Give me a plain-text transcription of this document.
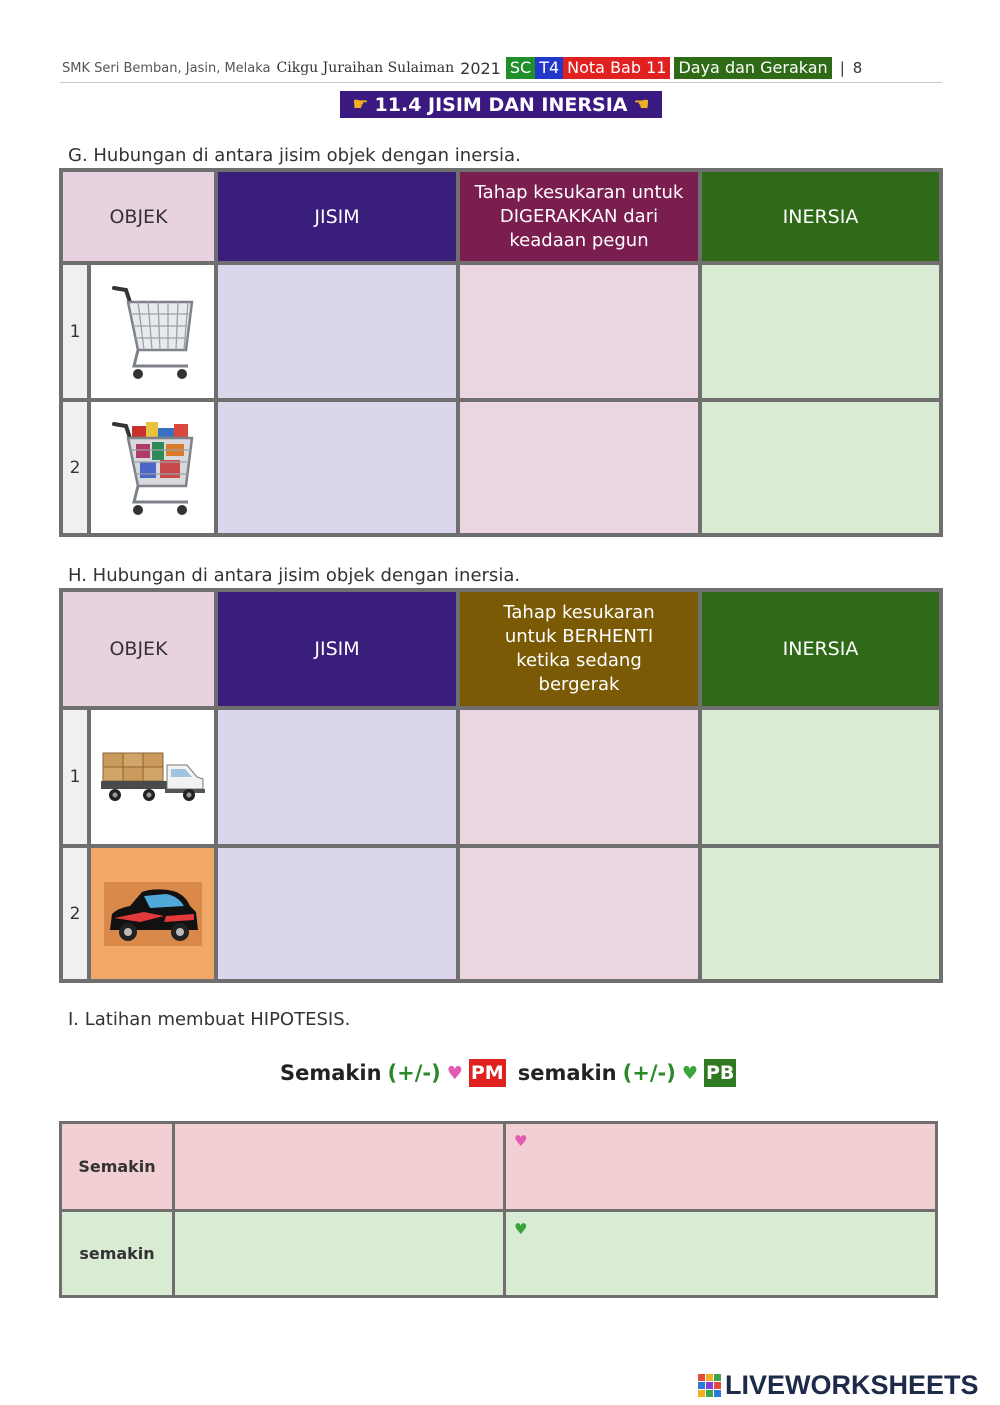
SMK Seri Bemban, Jasin, Melaka Cikgu Juraihan Sulaiman 2021 SC T4 Nota Bab 11 Daya dan Gerakan | 8
☛ 11.4 JISIM DAN INERSIA ☚
G. Hubungan di antara jisim objek dengan inersia.
OBJEK	JISIM
Tahap kesukaran untuk DIGERAKKAN dari keadaan pegun
INERSIA
1
2
H. Hubungan di antara jisim objek dengan inersia.
OBJEK	JISIM
Tahap kesukaran untuk BERHENTI ketika sedang bergerak
INERSIA
1
2
I. Latihan membuat HIPOTESIS.
Semakin (+/-) ♥ PM semakin (+/-) ♥ PB
Semakin
♥
semakin
♥
LIVEWORKSHEETS
